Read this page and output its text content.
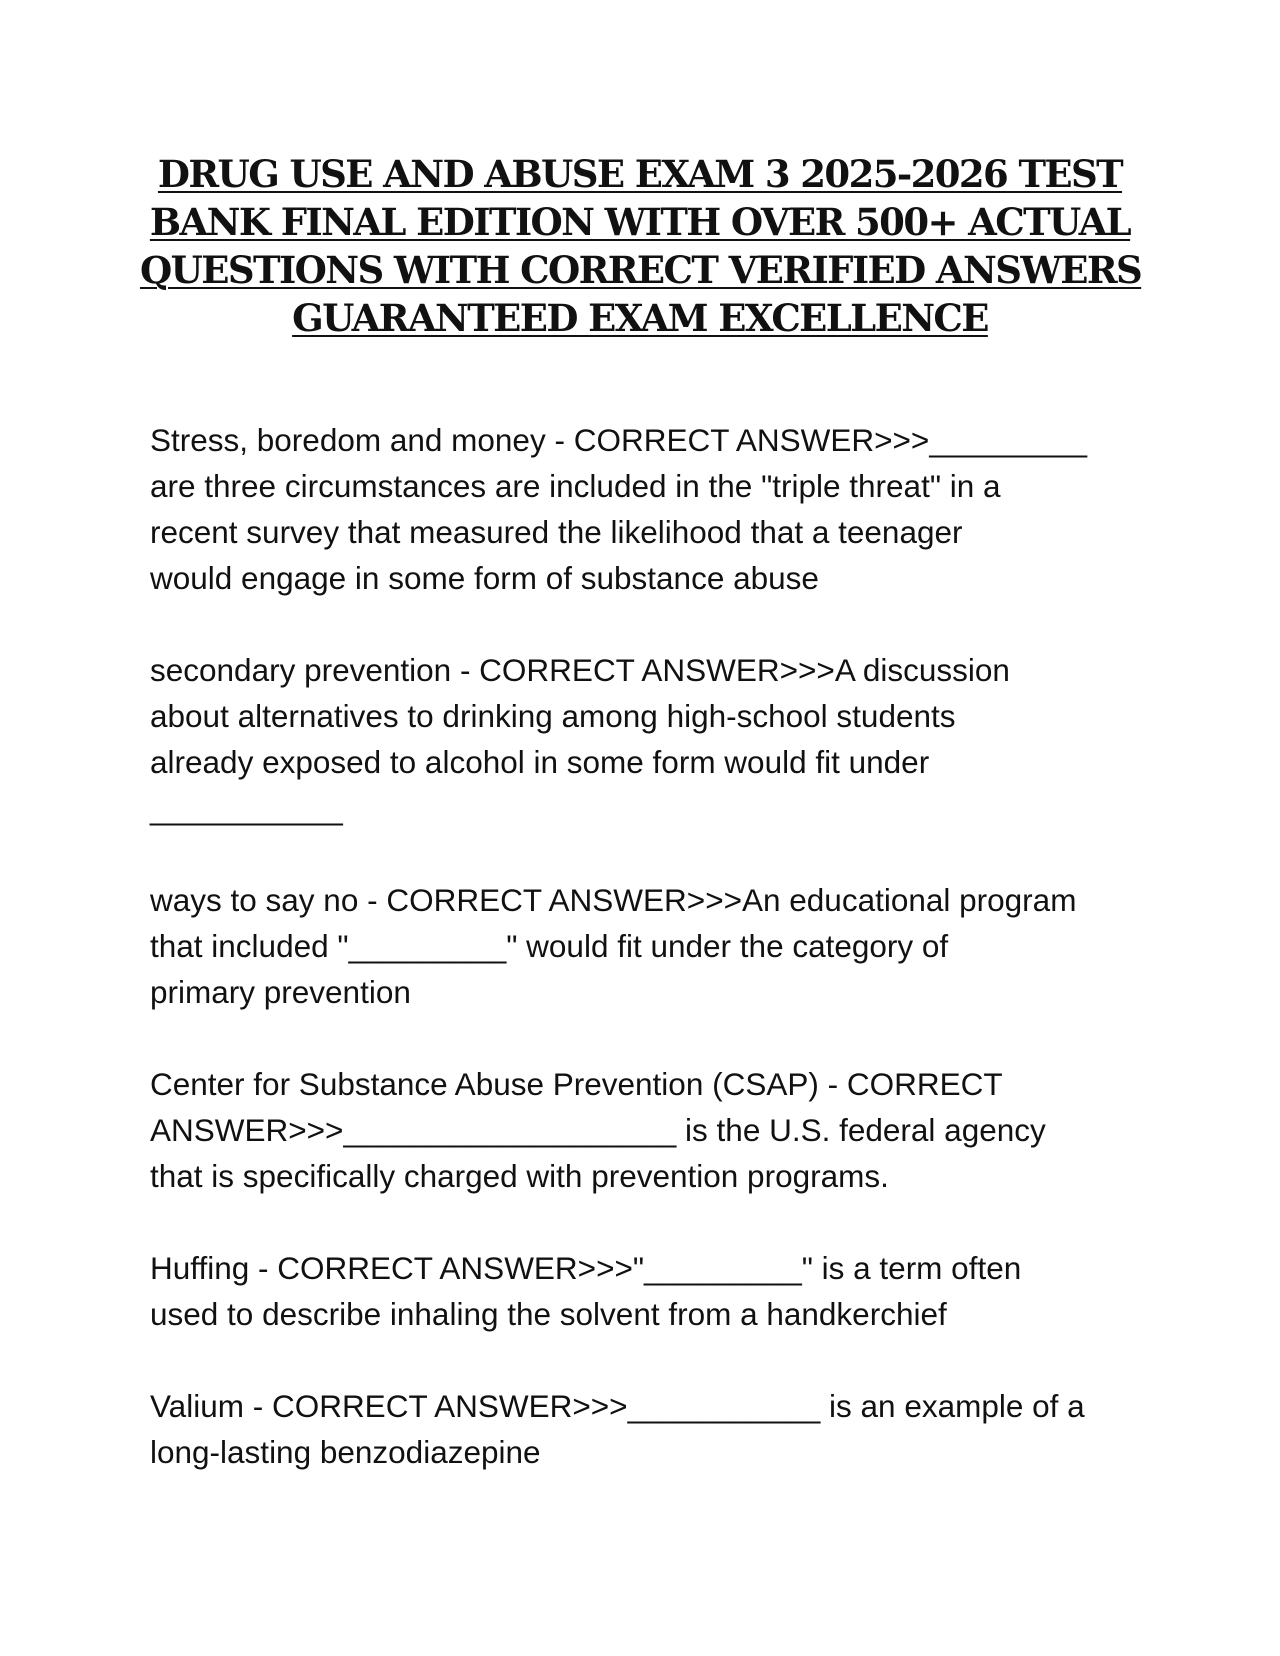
DRUG USE AND ABUSE EXAM 3 2025-2026 TEST
BANK FINAL EDITION WITH OVER 500+ ACTUAL
QUESTIONS WITH CORRECT VERIFIED ANSWERS
GUARANTEED EXAM EXCELLENCE

Stress, boredom and money - CORRECT ANSWER>>>_________
are three circumstances are included in the "triple threat" in a
recent survey that measured the likelihood that a teenager
would engage in some form of substance abuse

secondary prevention - CORRECT ANSWER>>>A discussion
about alternatives to drinking among high-school students
already exposed to alcohol in some form would fit under
___________

ways to say no - CORRECT ANSWER>>>An educational program
that included "_________" would fit under the category of
primary prevention

Center for Substance Abuse Prevention (CSAP) - CORRECT
ANSWER>>>___________________ is the U.S. federal agency
that is specifically charged with prevention programs.

Huffing - CORRECT ANSWER>>>"_________" is a term often
used to describe inhaling the solvent from a handkerchief

Valium - CORRECT ANSWER>>>___________ is an example of a
long-lasting benzodiazepine
